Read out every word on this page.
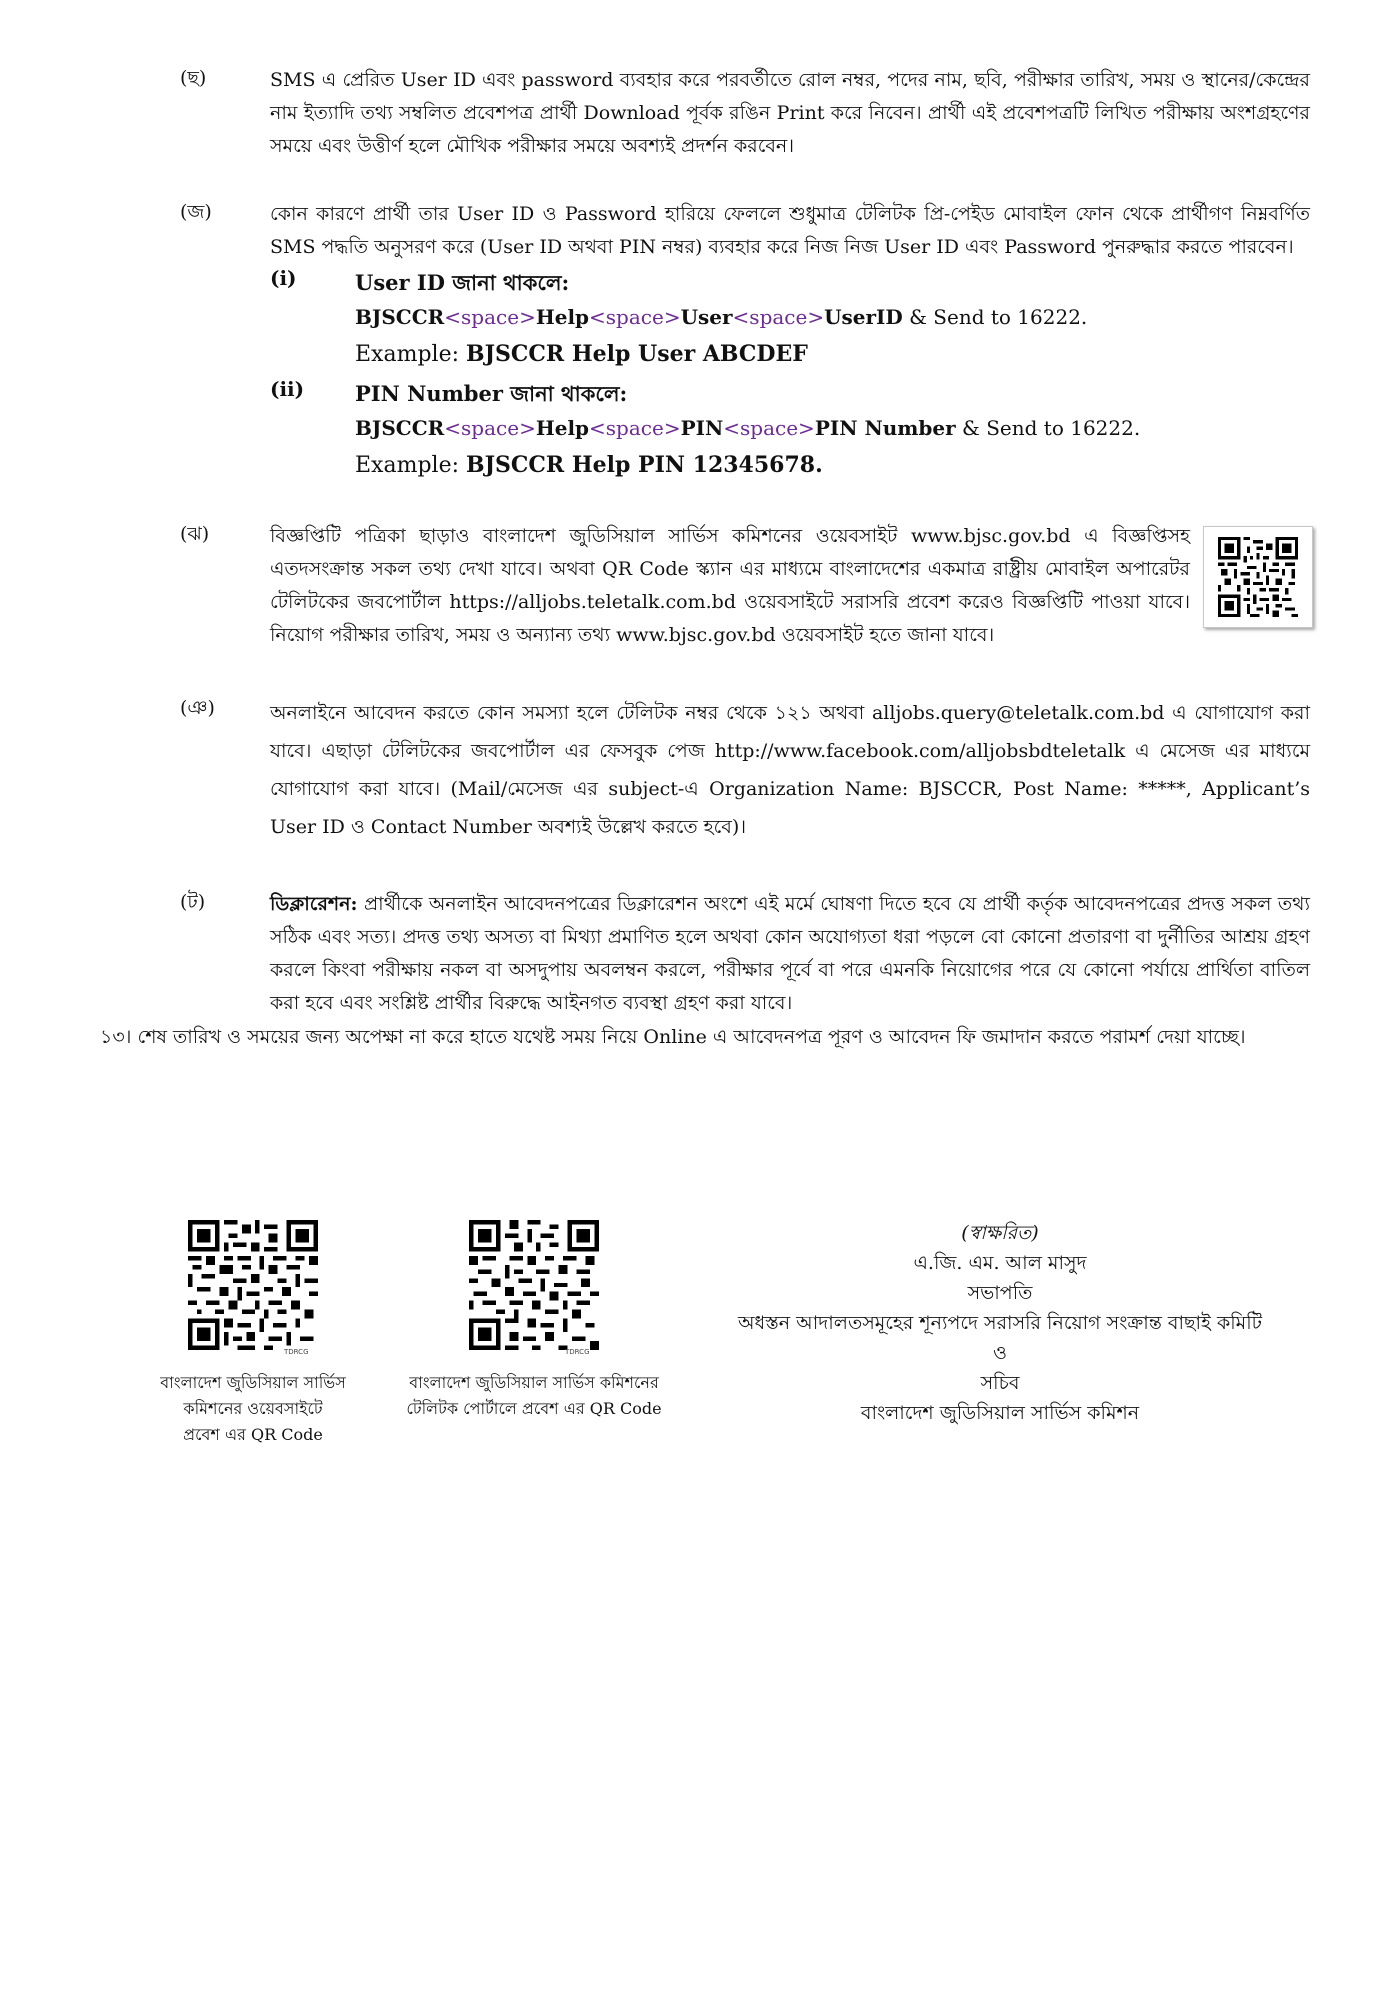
(ছ)	SMS এ প্রেরিত User ID এবং password ব্যবহার করে পরবর্তীতে রোল নম্বর, পদের নাম, ছবি, পরীক্ষার তারিখ, সময় ও স্থানের/কেন্দ্রের নাম ইত্যাদি তথ্য সম্বলিত প্রবেশপত্র প্রার্থী Download পূর্বক রঙিন Print করে নিবেন। প্রার্থী এই প্রবেশপত্রটি লিখিত পরীক্ষায় অংশগ্রহণের সময়ে এবং উত্তীর্ণ হলে মৌখিক পরীক্ষার সময়ে অবশ্যই প্রদর্শন করবেন।
(জ)	কোন কারণে প্রার্থী তার User ID ও Password হারিয়ে ফেললে শুধুমাত্র টেলিটক প্রি-পেইড মোবাইল ফোন থেকে প্রার্থীগণ নিম্নবর্ণিত SMS পদ্ধতি অনুসরণ করে (User ID অথবা PIN নম্বর) ব্যবহার করে নিজ নিজ User ID এবং Password পুনরুদ্ধার করতে পারবেন।
(i)	User ID জানা থাকলে:
BJSCCR<space>Help<space>User<space>UserID & Send to 16222.
Example: BJSCCR Help User ABCDEF
(ii) PIN Number জানা থাকলে:
BJSCCR<space>Help<space>PIN<space>PIN Number & Send to 16222.
Example: BJSCCR Help PIN 12345678.
(ঝ)	বিজ্ঞপ্তিটি পত্রিকা ছাড়াও বাংলাদেশ জুডিসিয়াল সার্ভিস কমিশনের ওয়েবসাইট www.bjsc.gov.bd এ বিজ্ঞপ্তিসহ এতদসংক্রান্ত সকল তথ্য দেখা যাবে। অথবা QR Code স্ক্যান এর মাধ্যমে বাংলাদেশের একমাত্র রাষ্ট্রীয় মোবাইল অপারেটর টেলিটকের জবপোর্টাল https://alljobs.teletalk.com.bd ওয়েবসাইটে সরাসরি প্রবেশ করেও বিজ্ঞপ্তিটি পাওয়া যাবে। নিয়োগ পরীক্ষার তারিখ, সময় ও অন্যান্য তথ্য www.bjsc.gov.bd ওয়েবসাইট হতে জানা যাবে।
(ঞ)	অনলাইনে আবেদন করতে কোন সমস্যা হলে টেলিটক নম্বর থেকে ১২১ অথবা alljobs.query@teletalk.com.bd এ যোগাযোগ করা যাবে। এছাড়া টেলিটকের জবপোর্টাল এর ফেসবুক পেজ http://www.facebook.com/alljobsbdteletalk এ মেসেজ এর মাধ্যমে যোগাযোগ করা যাবে। (Mail/মেসেজ এর subject-এ Organization Name: BJSCCR, Post Name: *****, Applicant’s User ID ও Contact Number অবশ্যই উল্লেখ করতে হবে)।
(ট)	ডিক্লারেশন: প্রার্থীকে অনলাইন আবেদনপত্রের ডিক্লারেশন অংশে এই মর্মে ঘোষণা দিতে হবে যে প্রার্থী কর্তৃক আবেদনপত্রের প্রদত্ত সকল তথ্য সঠিক এবং সত্য। প্রদত্ত তথ্য অসত্য বা মিথ্যা প্রমাণিত হলে অথবা কোন অযোগ্যতা ধরা পড়লে বো কোনো প্রতারণা বা দুর্নীতির আশ্রয় গ্রহণ করলে কিংবা পরীক্ষায় নকল বা অসদুপায় অবলম্বন করলে, পরীক্ষার পূর্বে বা পরে এমনকি নিয়োগের পরে যে কোনো পর্যায়ে প্রার্থিতা বাতিল করা হবে এবং সংশ্লিষ্ট প্রার্থীর বিরুদ্ধে আইনগত ব্যবস্থা গ্রহণ করা যাবে।
১৩। শেষ তারিখ ও সময়ের জন্য অপেক্ষা না করে হাতে যথেষ্ট সময় নিয়ে Online এ আবেদনপত্র পূরণ ও আবেদন ফি জমাদান করতে পরামর্শ দেয়া যাচ্ছে।
TDRCG
বাংলাদেশ জুডিসিয়াল সার্ভিস
কমিশনের ওয়েবসাইটে
প্রবেশ এর QR Code
TDRCG
বাংলাদেশ জুডিসিয়াল সার্ভিস কমিশনের
টেলিটক পোর্টালে প্রবেশ এর QR Code
(স্বাক্ষরিত)
এ.জি. এম. আল মাসুদ
সভাপতি
অধস্তন আদালতসমূহের শূন্যপদে সরাসরি নিয়োগ সংক্রান্ত বাছাই কমিটি
ও
সচিব
বাংলাদেশ জুডিসিয়াল সার্ভিস কমিশন
